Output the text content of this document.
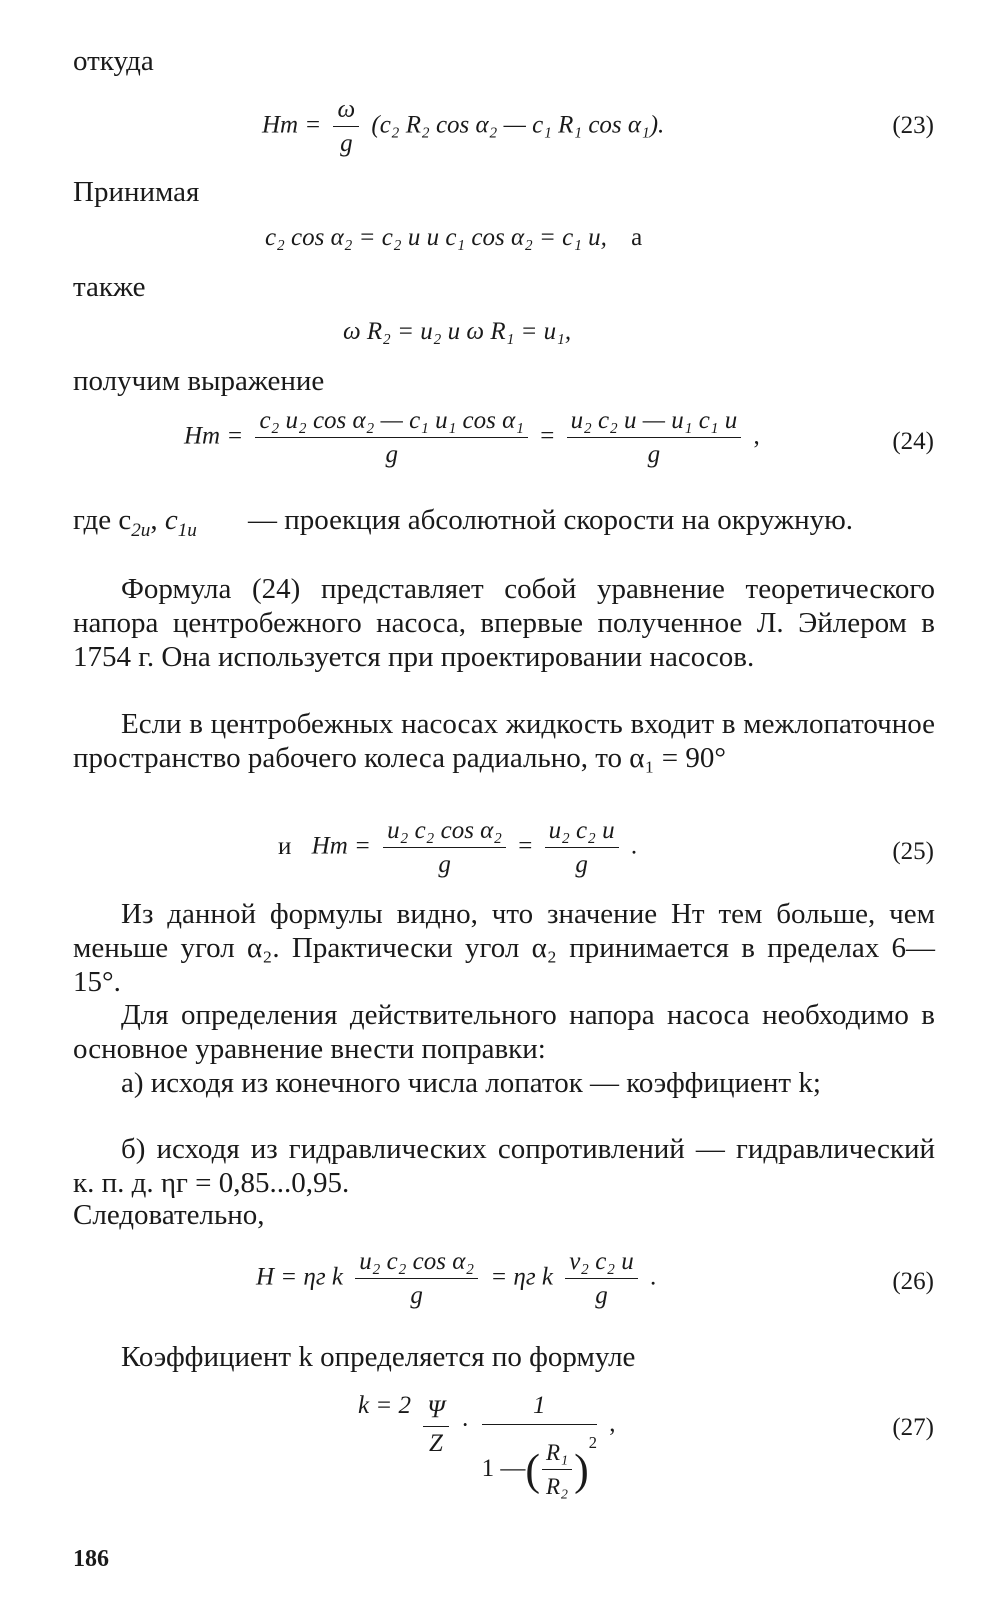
откуда
Hт = $\frac{\omega}{g} (c_2$ R₂ cos α₂ — c₁ R₁ cos α₁).	(23)
Принимая
c₂ cos α₂ = c₂ u и c₁ cos α₂ = c₁ u, а
также
ω R₂ = u₂ и ω R₁ = u₁,
получим выражение
Hт = $\frac{\text{c₂ u₂ cos α₂ — c₁ u₁ cos α₁}}{g} = \frac{\text{u₂ c₂ u — u₁ c₁ u}}{g}$ ,	(24)
где $c_{2u}$, $c_{1u}$ — проекция абсолютной скорости на окружную.
Формула (24) представляет собой уравнение теоретического напора центробежного насоса, впервые полученное Л. Эйлером в 1754 г. Она используется при проектировании насосов.
Если в центробежных насосах жидкость входит в межлопаточное пространство рабочего колеса радиально, то α₁ = 90°
и Hт = $\frac{\text{u₂ c₂ cos α₂}}{g} = \frac{\text{u₂ c₂ u}}{g}$ .	(25)
Из данной формулы видно, что значение Hт тем больше, чем меньше угол α₂. Практически угол α₂ принимается в пределах 6—15°.
Для определения действительного напора насоса необходимо в основное уравнение внести поправки:
а) исходя из конечного числа лопаток — коэффициент k;
б) исходя из гидравлических сопротивлений — гидравлический к. п. д. ηг = 0,85...0,95.
Следовательно,
H = ηг k $\frac{\text{u₂ c₂ cos α₂}}{g} = \eta г$ k $\frac{\text{v₂ c₂ u}}{g}$ .	(26)
Коэффициент k определяется по формуле
$k = 2 \frac{\Psi}{Z} \cdot \frac{1}{1 —( \frac{\text{R₁}}{\text{R₂}} )^2}$ ,	(27)
186
